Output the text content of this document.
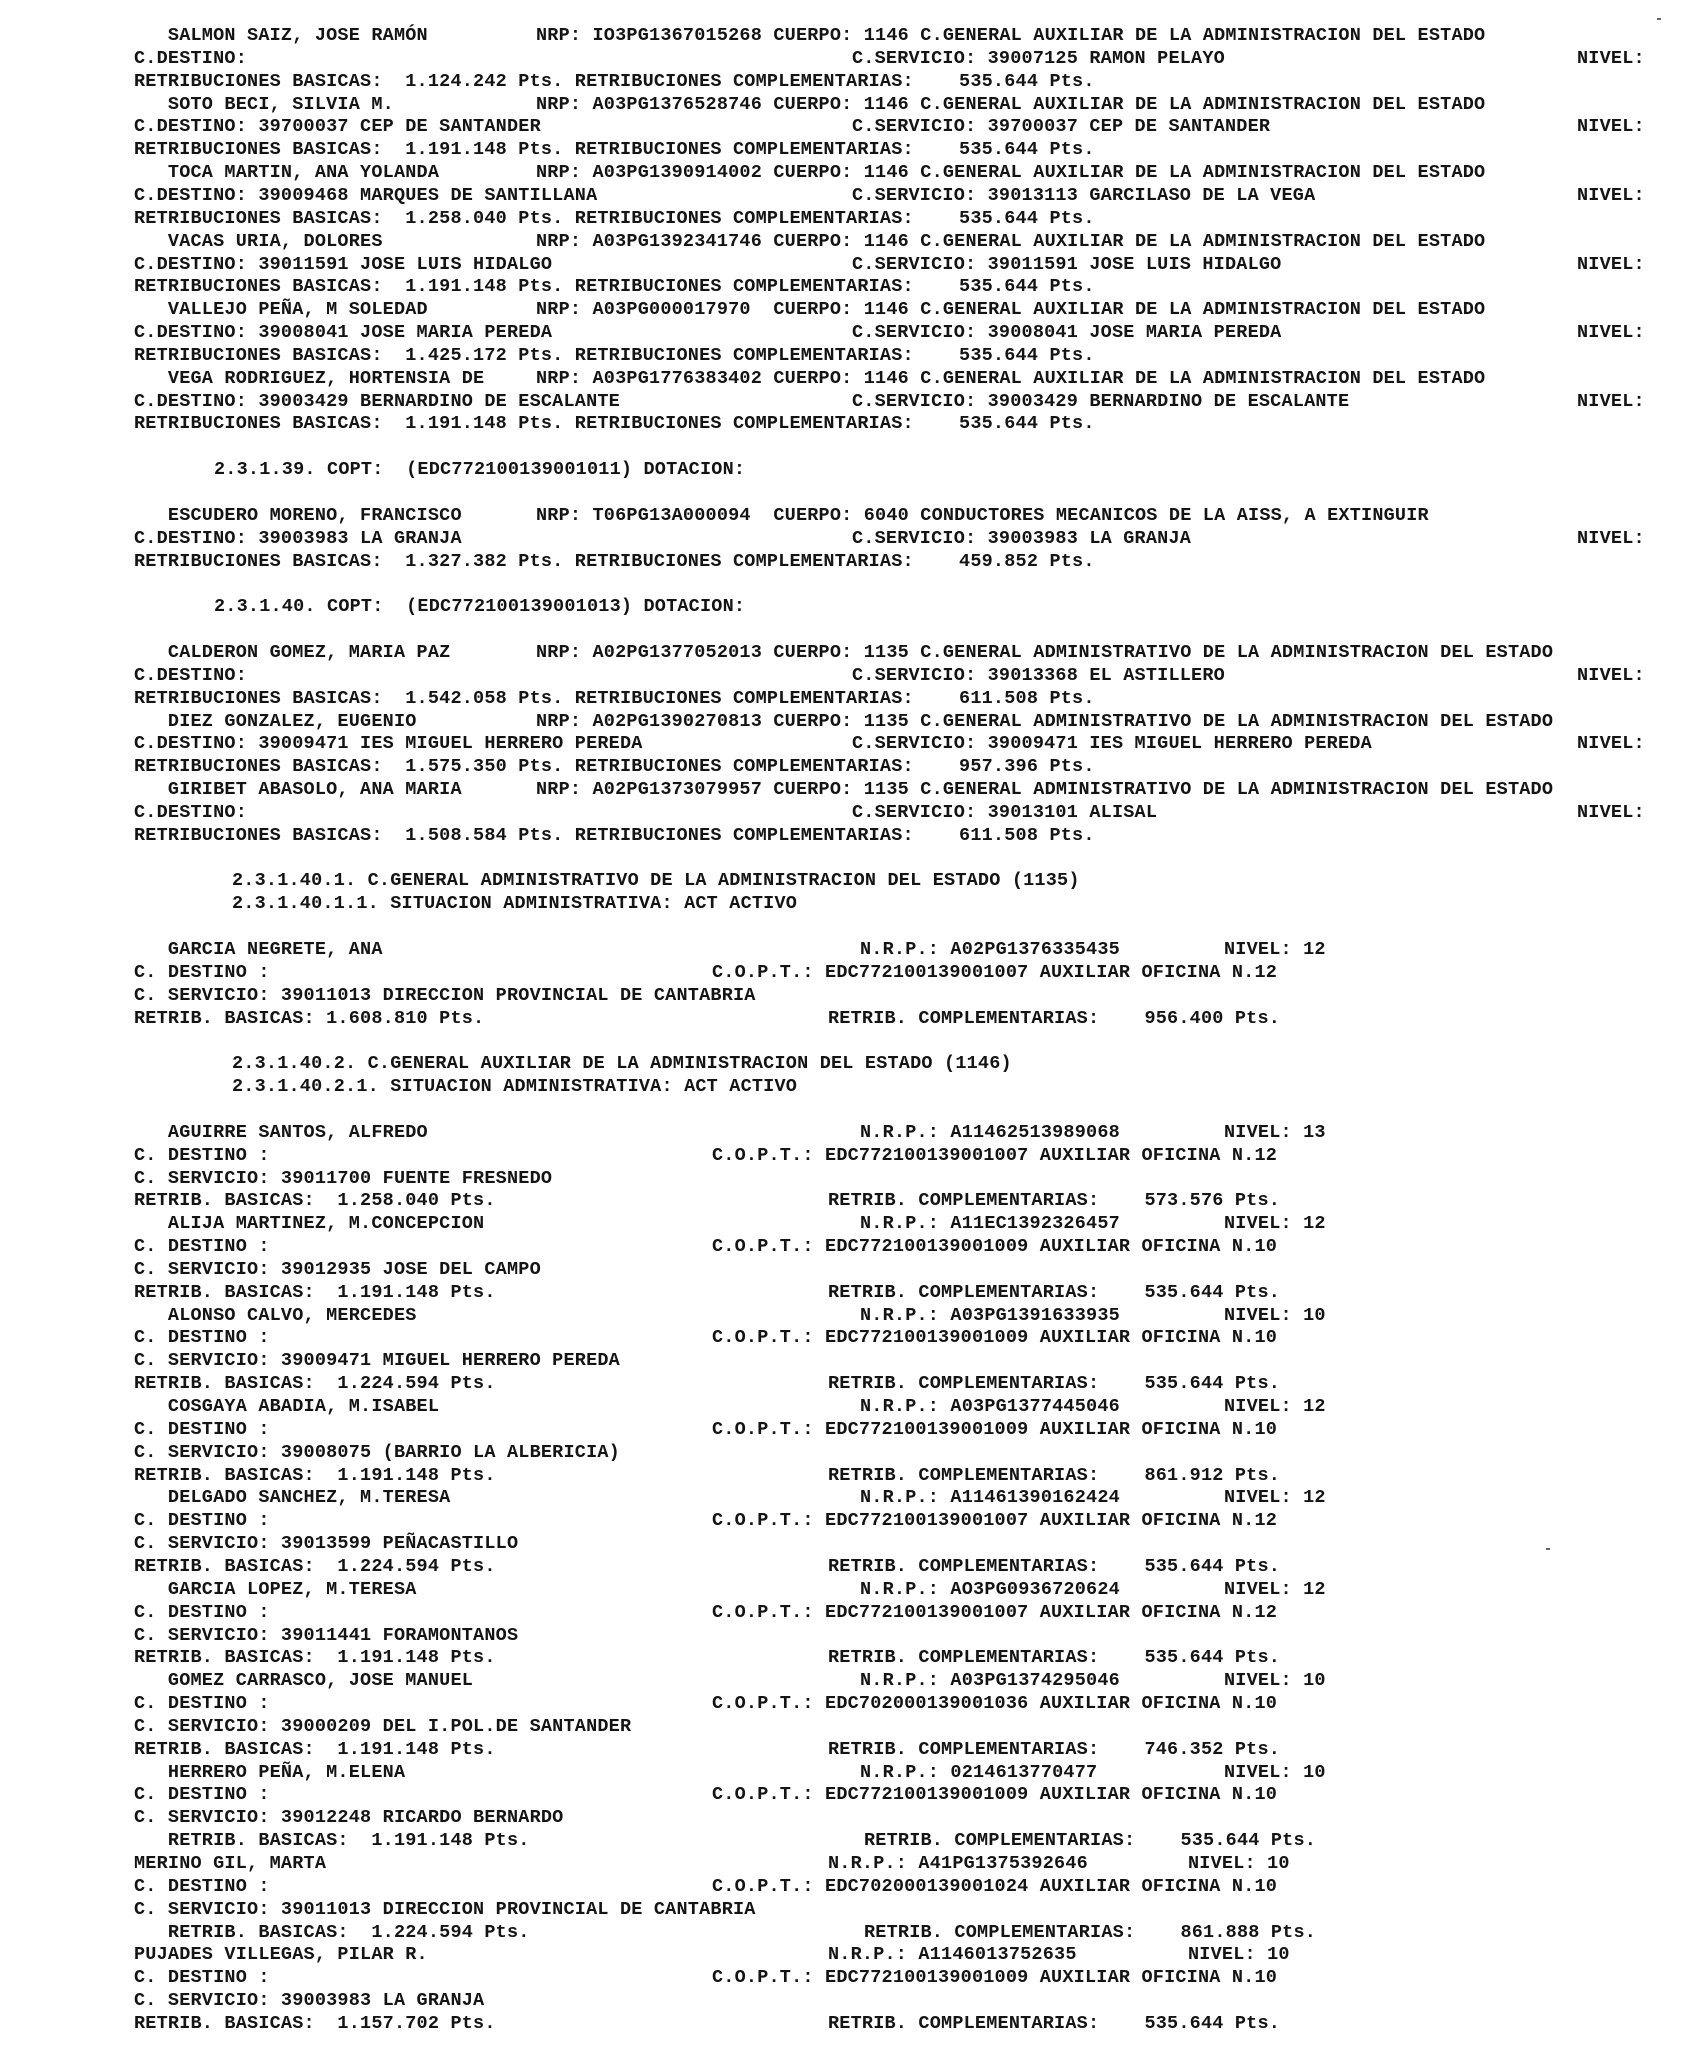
SALMON SAIZ, JOSE RAMÓN	NRP: IO3PG1367015268 CUERPO: 1146 C.GENERAL AUXILIAR DE LA ADMINISTRACION DEL ESTADO
C.DESTINO:	C.SERVICIO: 39007125 RAMON PELAYO	NIVEL:
RETRIBUCIONES BASICAS:  1.124.242 Pts. RETRIBUCIONES COMPLEMENTARIAS:    535.644 Pts.
SOTO BECI, SILVIA M.	NRP: A03PG1376528746 CUERPO: 1146 C.GENERAL AUXILIAR DE LA ADMINISTRACION DEL ESTADO
C.DESTINO: 39700037 CEP DE SANTANDER	C.SERVICIO: 39700037 CEP DE SANTANDER	NIVEL:
RETRIBUCIONES BASICAS:  1.191.148 Pts. RETRIBUCIONES COMPLEMENTARIAS:    535.644 Pts.
TOCA MARTIN, ANA YOLANDA	NRP: A03PG1390914002 CUERPO: 1146 C.GENERAL AUXILIAR DE LA ADMINISTRACION DEL ESTADO
C.DESTINO: 39009468 MARQUES DE SANTILLANA	C.SERVICIO: 39013113 GARCILASO DE LA VEGA	NIVEL:
RETRIBUCIONES BASICAS:  1.258.040 Pts. RETRIBUCIONES COMPLEMENTARIAS:    535.644 Pts.
VACAS URIA, DOLORES	NRP: A03PG1392341746 CUERPO: 1146 C.GENERAL AUXILIAR DE LA ADMINISTRACION DEL ESTADO
C.DESTINO: 39011591 JOSE LUIS HIDALGO	C.SERVICIO: 39011591 JOSE LUIS HIDALGO	NIVEL:
RETRIBUCIONES BASICAS:  1.191.148 Pts. RETRIBUCIONES COMPLEMENTARIAS:    535.644 Pts.
VALLEJO PEÑA, M SOLEDAD	NRP: A03PG000017970  CUERPO: 1146 C.GENERAL AUXILIAR DE LA ADMINISTRACION DEL ESTADO
C.DESTINO: 39008041 JOSE MARIA PEREDA	C.SERVICIO: 39008041 JOSE MARIA PEREDA	NIVEL:
RETRIBUCIONES BASICAS:  1.425.172 Pts. RETRIBUCIONES COMPLEMENTARIAS:    535.644 Pts.
VEGA RODRIGUEZ, HORTENSIA DE	NRP: A03PG1776383402 CUERPO: 1146 C.GENERAL AUXILIAR DE LA ADMINISTRACION DEL ESTADO
C.DESTINO: 39003429 BERNARDINO DE ESCALANTE	C.SERVICIO: 39003429 BERNARDINO DE ESCALANTE	NIVEL:
RETRIBUCIONES BASICAS:  1.191.148 Pts. RETRIBUCIONES COMPLEMENTARIAS:    535.644 Pts.
2.3.1.39. COPT:  (EDC772100139001011) DOTACION:
ESCUDERO MORENO, FRANCISCO	NRP: T06PG13A000094  CUERPO: 6040 CONDUCTORES MECANICOS DE LA AISS, A EXTINGUIR
C.DESTINO: 39003983 LA GRANJA	C.SERVICIO: 39003983 LA GRANJA	NIVEL:
RETRIBUCIONES BASICAS:  1.327.382 Pts. RETRIBUCIONES COMPLEMENTARIAS:    459.852 Pts.
2.3.1.40. COPT:  (EDC772100139001013) DOTACION:
CALDERON GOMEZ, MARIA PAZ	NRP: A02PG1377052013 CUERPO: 1135 C.GENERAL ADMINISTRATIVO DE LA ADMINISTRACION DEL ESTADO
C.DESTINO:	C.SERVICIO: 39013368 EL ASTILLERO	NIVEL:
RETRIBUCIONES BASICAS:  1.542.058 Pts. RETRIBUCIONES COMPLEMENTARIAS:    611.508 Pts.
DIEZ GONZALEZ, EUGENIO	NRP: A02PG1390270813 CUERPO: 1135 C.GENERAL ADMINISTRATIVO DE LA ADMINISTRACION DEL ESTADO
C.DESTINO: 39009471 IES MIGUEL HERRERO PEREDA	C.SERVICIO: 39009471 IES MIGUEL HERRERO PEREDA	NIVEL:
RETRIBUCIONES BASICAS:  1.575.350 Pts. RETRIBUCIONES COMPLEMENTARIAS:    957.396 Pts.
GIRIBET ABASOLO, ANA MARIA	NRP: A02PG1373079957 CUERPO: 1135 C.GENERAL ADMINISTRATIVO DE LA ADMINISTRACION DEL ESTADO
C.DESTINO:	C.SERVICIO: 39013101 ALISAL	NIVEL:
RETRIBUCIONES BASICAS:  1.508.584 Pts. RETRIBUCIONES COMPLEMENTARIAS:    611.508 Pts.
2.3.1.40.1. C.GENERAL ADMINISTRATIVO DE LA ADMINISTRACION DEL ESTADO (1135)
2.3.1.40.1.1. SITUACION ADMINISTRATIVA: ACT ACTIVO
GARCIA NEGRETE, ANA	N.R.P.: A02PG1376335435	NIVEL: 12
C. DESTINO :	C.O.P.T.: EDC772100139001007 AUXILIAR OFICINA N.12
C. SERVICIO: 39011013 DIRECCION PROVINCIAL DE CANTABRIA
RETRIB. BASICAS: 1.608.810 Pts.	RETRIB. COMPLEMENTARIAS:    956.400 Pts.
2.3.1.40.2. C.GENERAL AUXILIAR DE LA ADMINISTRACION DEL ESTADO (1146)
2.3.1.40.2.1. SITUACION ADMINISTRATIVA: ACT ACTIVO
AGUIRRE SANTOS, ALFREDO	N.R.P.: A11462513989068	NIVEL: 13
C. DESTINO :	C.O.P.T.: EDC772100139001007 AUXILIAR OFICINA N.12
C. SERVICIO: 39011700 FUENTE FRESNEDO
RETRIB. BASICAS:  1.258.040 Pts.	RETRIB. COMPLEMENTARIAS:    573.576 Pts.
ALIJA MARTINEZ, M.CONCEPCION	N.R.P.: A11EC1392326457	NIVEL: 12
C. DESTINO :	C.O.P.T.: EDC772100139001009 AUXILIAR OFICINA N.10
C. SERVICIO: 39012935 JOSE DEL CAMPO
RETRIB. BASICAS:  1.191.148 Pts.	RETRIB. COMPLEMENTARIAS:    535.644 Pts.
ALONSO CALVO, MERCEDES	N.R.P.: A03PG1391633935	NIVEL: 10
C. DESTINO :	C.O.P.T.: EDC772100139001009 AUXILIAR OFICINA N.10
C. SERVICIO: 39009471 MIGUEL HERRERO PEREDA
RETRIB. BASICAS:  1.224.594 Pts.	RETRIB. COMPLEMENTARIAS:    535.644 Pts.
COSGAYA ABADIA, M.ISABEL	N.R.P.: A03PG1377445046	NIVEL: 12
C. DESTINO :	C.O.P.T.: EDC772100139001009 AUXILIAR OFICINA N.10
C. SERVICIO: 39008075 (BARRIO LA ALBERICIA)
RETRIB. BASICAS:  1.191.148 Pts.	RETRIB. COMPLEMENTARIAS:    861.912 Pts.
DELGADO SANCHEZ, M.TERESA	N.R.P.: A11461390162424	NIVEL: 12
C. DESTINO :	C.O.P.T.: EDC772100139001007 AUXILIAR OFICINA N.12
C. SERVICIO: 39013599 PEÑACASTILLO
RETRIB. BASICAS:  1.224.594 Pts.	RETRIB. COMPLEMENTARIAS:    535.644 Pts.
GARCIA LOPEZ, M.TERESA	N.R.P.: AO3PG0936720624	NIVEL: 12
C. DESTINO :	C.O.P.T.: EDC772100139001007 AUXILIAR OFICINA N.12
C. SERVICIO: 39011441 FORAMONTANOS
RETRIB. BASICAS:  1.191.148 Pts.	RETRIB. COMPLEMENTARIAS:    535.644 Pts.
GOMEZ CARRASCO, JOSE MANUEL	N.R.P.: A03PG1374295046	NIVEL: 10
C. DESTINO :	C.O.P.T.: EDC702000139001036 AUXILIAR OFICINA N.10
C. SERVICIO: 39000209 DEL I.POL.DE SANTANDER
RETRIB. BASICAS:  1.191.148 Pts.	RETRIB. COMPLEMENTARIAS:    746.352 Pts.
HERRERO PEÑA, M.ELENA	N.R.P.: 0214613770477	NIVEL: 10
C. DESTINO :	C.O.P.T.: EDC772100139001009 AUXILIAR OFICINA N.10
C. SERVICIO: 39012248 RICARDO BERNARDO
RETRIB. BASICAS:  1.191.148 Pts.	RETRIB. COMPLEMENTARIAS:    535.644 Pts.
MERINO GIL, MARTA	N.R.P.: A41PG1375392646	NIVEL: 10
C. DESTINO :	C.O.P.T.: EDC702000139001024 AUXILIAR OFICINA N.10
C. SERVICIO: 39011013 DIRECCION PROVINCIAL DE CANTABRIA
RETRIB. BASICAS:  1.224.594 Pts.	RETRIB. COMPLEMENTARIAS:    861.888 Pts.
PUJADES VILLEGAS, PILAR R.	N.R.P.: A1146013752635	NIVEL: 10
C. DESTINO :	C.O.P.T.: EDC772100139001009 AUXILIAR OFICINA N.10
C. SERVICIO: 39003983 LA GRANJA
RETRIB. BASICAS:  1.157.702 Pts.	RETRIB. COMPLEMENTARIAS:    535.644 Pts.
